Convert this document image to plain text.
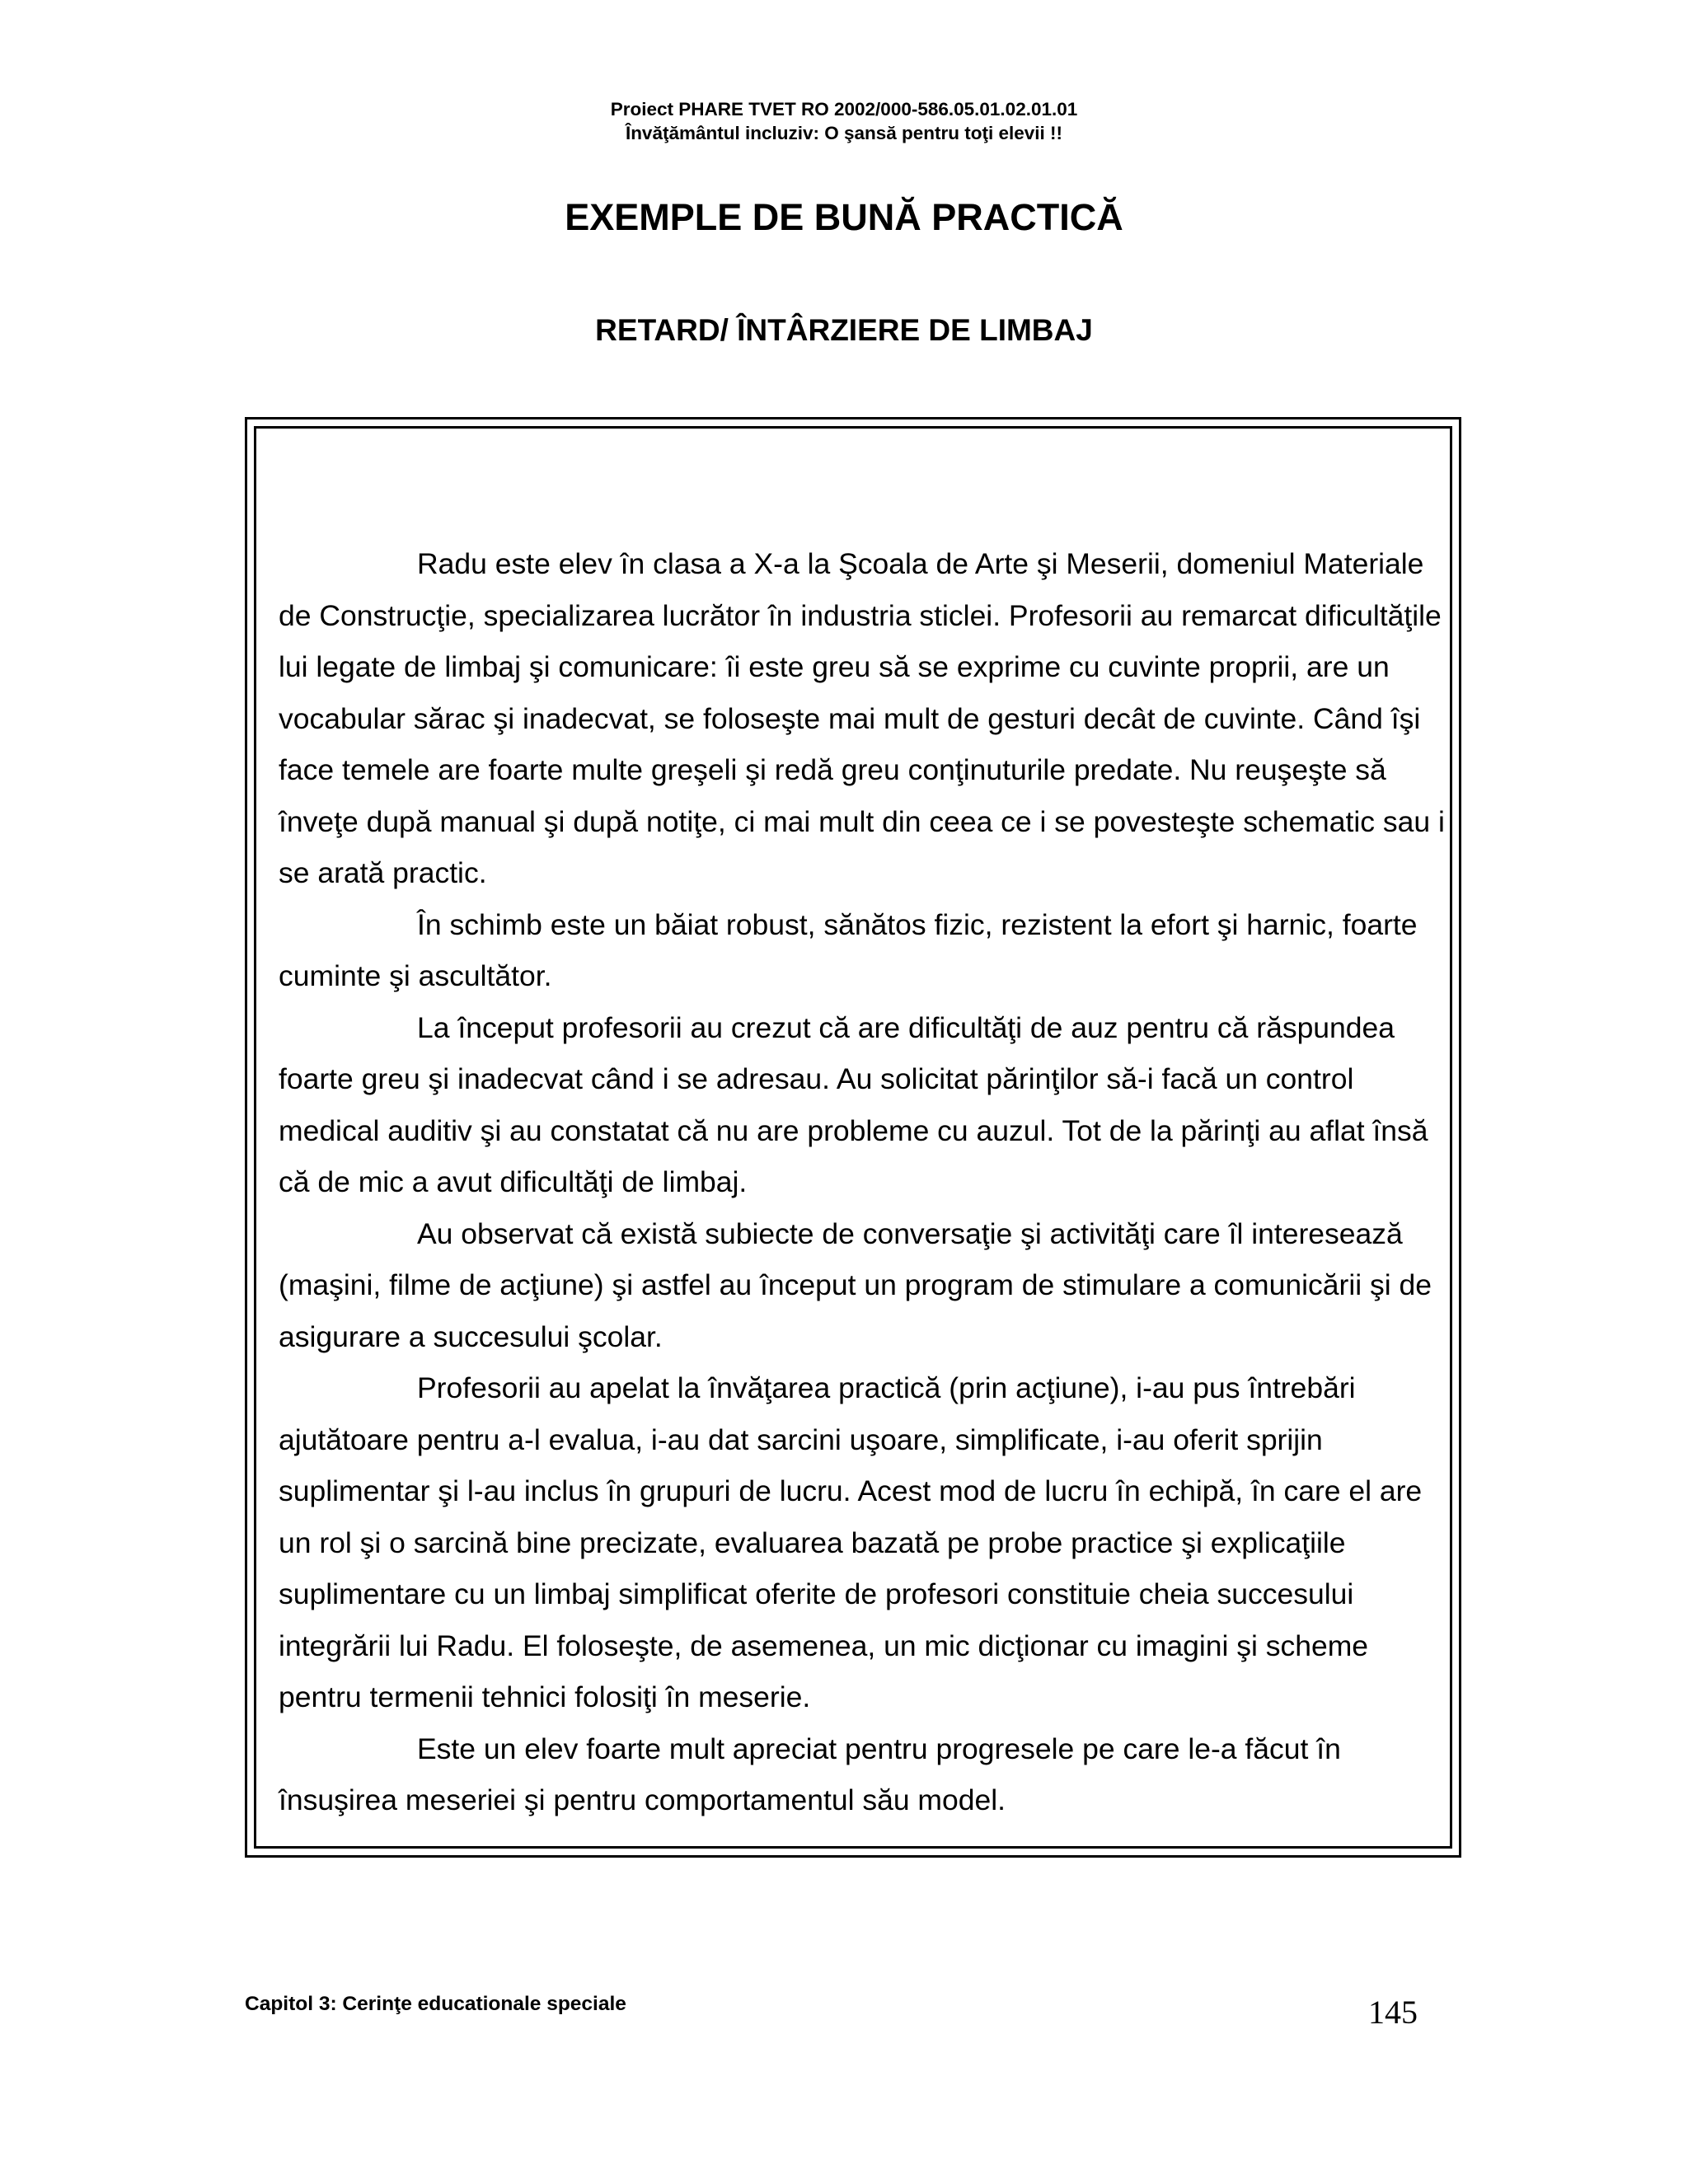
Proiect PHARE TVET RO 2002/000-586.05.01.02.01.01
Învăţământul incluziv: O şansă pentru toţi elevii !!
EXEMPLE DE BUNĂ PRACTICĂ
RETARD/ ÎNTÂRZIERE DE LIMBAJ

Radu este elev în clasa a X-a la Şcoala de Arte şi Meserii, domeniul Materiale de Construcţie, specializarea lucrător în industria sticlei. Profesorii au remarcat dificultăţile lui legate de limbaj şi comunicare: îi este greu să se exprime cu cuvinte proprii, are un vocabular sărac şi inadecvat, se foloseşte mai mult de gesturi decât de cuvinte. Când îşi face temele are foarte multe greşeli şi redă greu conţinuturile predate. Nu reuşeşte să înveţe după manual şi după notiţe, ci mai mult din ceea ce i se povesteşte schematic sau i se arată practic.

În schimb este un băiat robust, sănătos fizic, rezistent la efort şi harnic, foarte cuminte şi ascultător.

La început profesorii au crezut că are dificultăţi de auz pentru că răspundea foarte greu şi inadecvat când i se adresau. Au solicitat părinţilor să-i facă un control medical auditiv şi au constatat că nu are probleme cu auzul. Tot de la părinţi au aflat însă că de mic a avut dificultăţi de limbaj.

Au observat că există subiecte de conversaţie şi activităţi care îl interesează (maşini, filme de acţiune) şi astfel au început un program de stimulare a comunicării şi de asigurare a succesului şcolar.

Profesorii au apelat la învăţarea practică (prin acţiune), i-au pus întrebări ajutătoare pentru a-l evalua, i-au dat sarcini uşoare, simplificate, i-au oferit sprijin suplimentar şi l-au inclus în grupuri de lucru. Acest mod de lucru în echipă, în care el are un rol şi o sarcină bine precizate, evaluarea bazată pe probe practice şi explicaţiile suplimentare cu un limbaj simplificat oferite de profesori constituie cheia succesului integrării lui Radu. El foloseşte, de asemenea, un mic dicţionar cu imagini şi scheme pentru termenii tehnici folosiţi în meserie.

Este un elev foarte mult apreciat pentru progresele pe care le-a făcut în însuşirea meseriei şi pentru comportamentul său model.

Capitol 3: Cerinţe educationale speciale	145
